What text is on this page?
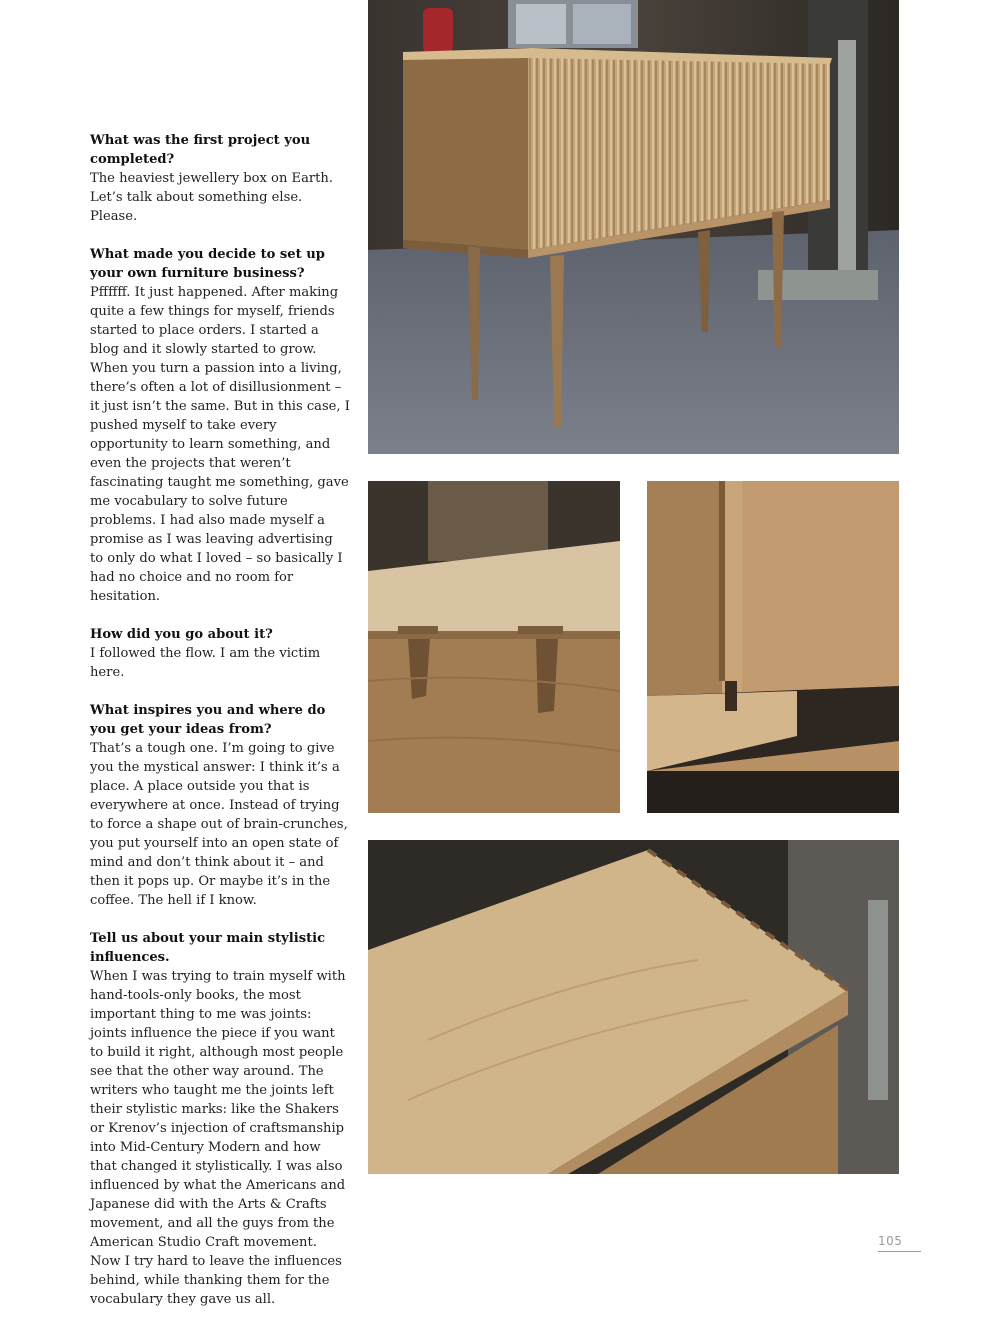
What was the first project you completed?

The heaviest jewellery box on Earth. Let’s talk about something else. Please.

What made you decide to set up your own furniture business?

Pffffff. It just happened. After making quite a few things for myself, friends started to place orders. I started a blog and it slowly started to grow. When you turn a passion into a living, there’s often a lot of disillusionment – it just isn’t the same. But in this case, I pushed myself to take every opportunity to learn something, and even the projects that weren’t fascinating taught me something, gave me vocabulary to solve future problems. I had also made myself a promise as I was leaving advertising to only do what I loved – so basically I had no choice and no room for hesitation.

How did you go about it?

I followed the flow. I am the victim here.

What inspires you and where do you get your ideas from?

That’s a tough one. I’m going to give you the mystical answer: I think it’s a place. A place outside you that is everywhere at once. Instead of trying to force a shape out of brain-crunches, you put yourself into an open state of mind and don’t think about it – and then it pops up. Or maybe it’s in the coffee. The hell if I know.

Tell us about your main stylistic influences.

When I was trying to train myself with hand-tools-only books, the most important thing to me was joints: joints influence the piece if you want to build it right, although most people see that the other way around. The writers who taught me the joints left their stylistic marks: like the Shakers or Krenov’s injection of craftsmanship into Mid-Century Modern and how that changed it stylistically. I was also influenced by what the Americans and Japanese did with the Arts & Crafts movement, and all the guys from the American Studio Craft movement. Now I try hard to leave the influences behind, while thanking them for the vocabulary they gave us all.

105
